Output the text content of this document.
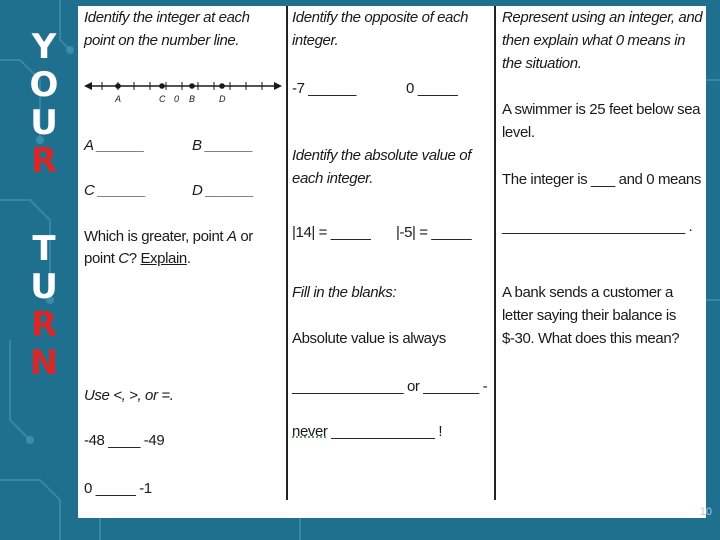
Y
O
U
R
T
U
R
N
Identify the integer at each
point on the number line.
A	C 0 B	D
A ______	B ______
C ______	D ______
Which is greater, point A or
point C? Explain.
Use <, >, or =.
-48 ____ -49
0 _____ -1
Identify the opposite of each
integer.
-7 ______	0 _____
Identify the absolute value of
each integer.
|14| = _____ |-5| = _____
Fill in the blanks:
Absolute value is always
______________ or _______ -
never _____________ !
Represent using an integer, and
then explain what 0 means in
the situation.
A swimmer is 25 feet below sea
level.
The integer is ___ and 0 means
_______________________ .
A bank sends a customer a
letter saying their balance is
$-30. What does this mean?
10
